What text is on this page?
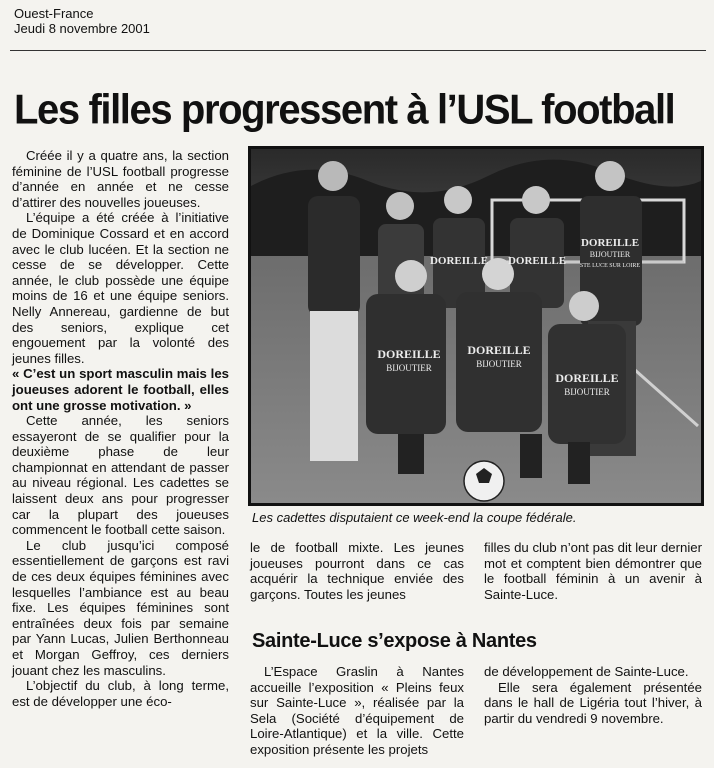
Ouest-France
Jeudi 8 novembre 2001
Les filles progressent à l’USL football

Créée il y a quatre ans, la section féminine de l’USL football progresse d’année en année et ne cesse d’attirer des nouvelles joueuses.

L’équipe a été créée à l’initiative de Dominique Cossard et en accord avec le club lucéen. Et la section ne cesse de se développer. Cette année, le club possède une équipe moins de 16 et une équipe seniors. Nelly Annereau, gardienne de but des seniors, explique cet engouement par la volonté des jeunes filles.

« C’est un sport masculin mais les joueuses adorent le football, elles ont une grosse motivation. »

Cette année, les seniors essayeront de se qualifier pour la deuxième phase de leur championnat en attendant de passer au niveau régional. Les cadettes se laissent deux ans pour progresser car la plupart des joueuses commencent le football cette saison.

Le club jusqu’ici composé essentiellement de garçons est ravi de ces deux équipes féminines avec lesquelles l’ambiance est au beau fixe. Les équipes féminines sont entraînées deux fois par semaine par Yann Lucas, Julien Berthonneau et Morgan Geffroy, ces derniers jouant chez les masculins.

L’objectif du club, à long terme, est de développer une éco-

DOREILLE
BIJOUTIER
DOREILLE
BIJOUTIER
DOREILLE
BIJOUTIER
DOREILLE DOREILLE
DOREILLE
BIJOUTIER
STE LUCE SUR LOIRE
Les cadettes disputaient ce week-end la coupe fédérale.

le de football mixte. Les jeunes joueuses pourront dans ce cas acquérir la technique enviée des garçons. Toutes les jeunes

filles du club n’ont pas dit leur dernier mot et comptent bien démontrer que le football féminin à un avenir à Sainte-Luce.

Sainte-Luce s’expose à Nantes

L’Espace Graslin à Nantes accueille l’exposition « Pleins feux sur Sainte-Luce », réalisée par la Sela (Société d’équipement de Loire-Atlantique) et la ville. Cette exposition présente les projets

de développement de Sainte-Luce.

Elle sera également présentée dans le hall de Ligéria tout l’hiver, à partir du vendredi 9 novembre.
